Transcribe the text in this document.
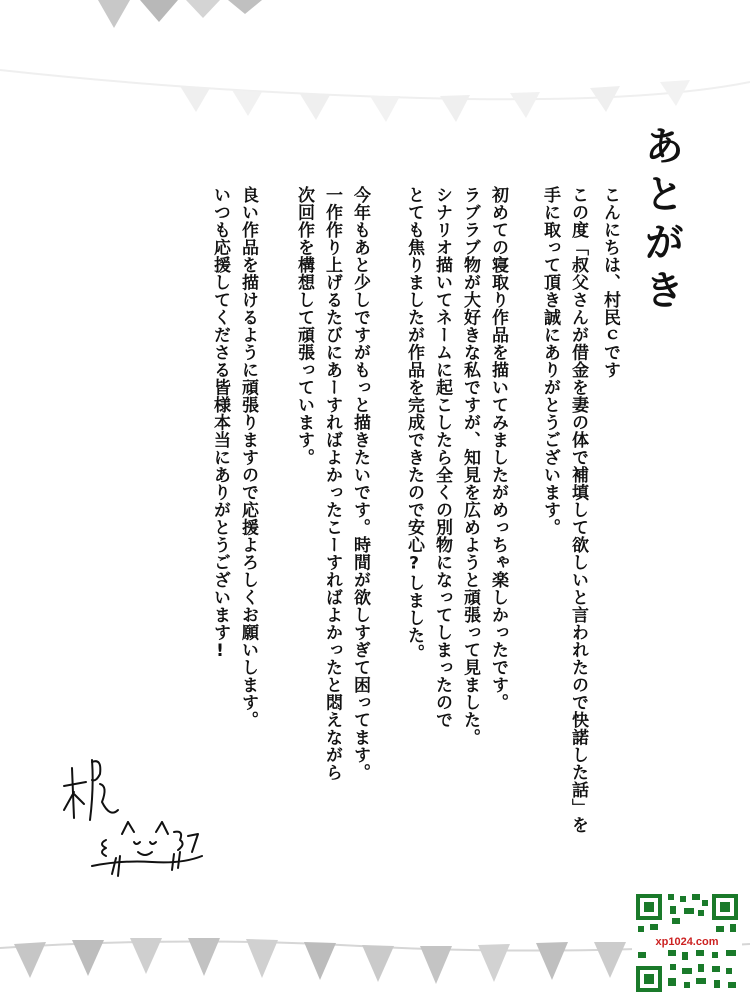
あとがき
こんにちは、村民ｃです
この度「叔父さんが借金を妻の体で補填して欲しいと言われたので快諾した話」を
手に取って頂き誠にありがとうございます。
初めての寝取り作品を描いてみましたがめっちゃ楽しかったです。
ラブラブ物が大好きな私ですが、知見を広めようと頑張って見ました。
シナリオ描いてネームに起こしたら全くの別物になってしまったので
とても焦りましたが作品を完成できたので安心?しました。
今年もあと少しですがもっと描きたいです。時間が欲しすぎて困ってます。
一作作り上げるたびにあーすればよかったこーすればよかったと悶えながら
次回作を構想して頑張っています。
良い作品を描けるように頑張りますので応援よろしくお願いします。
いつも応援してくださる皆様本当にありがとうございます!
xp1024.com
